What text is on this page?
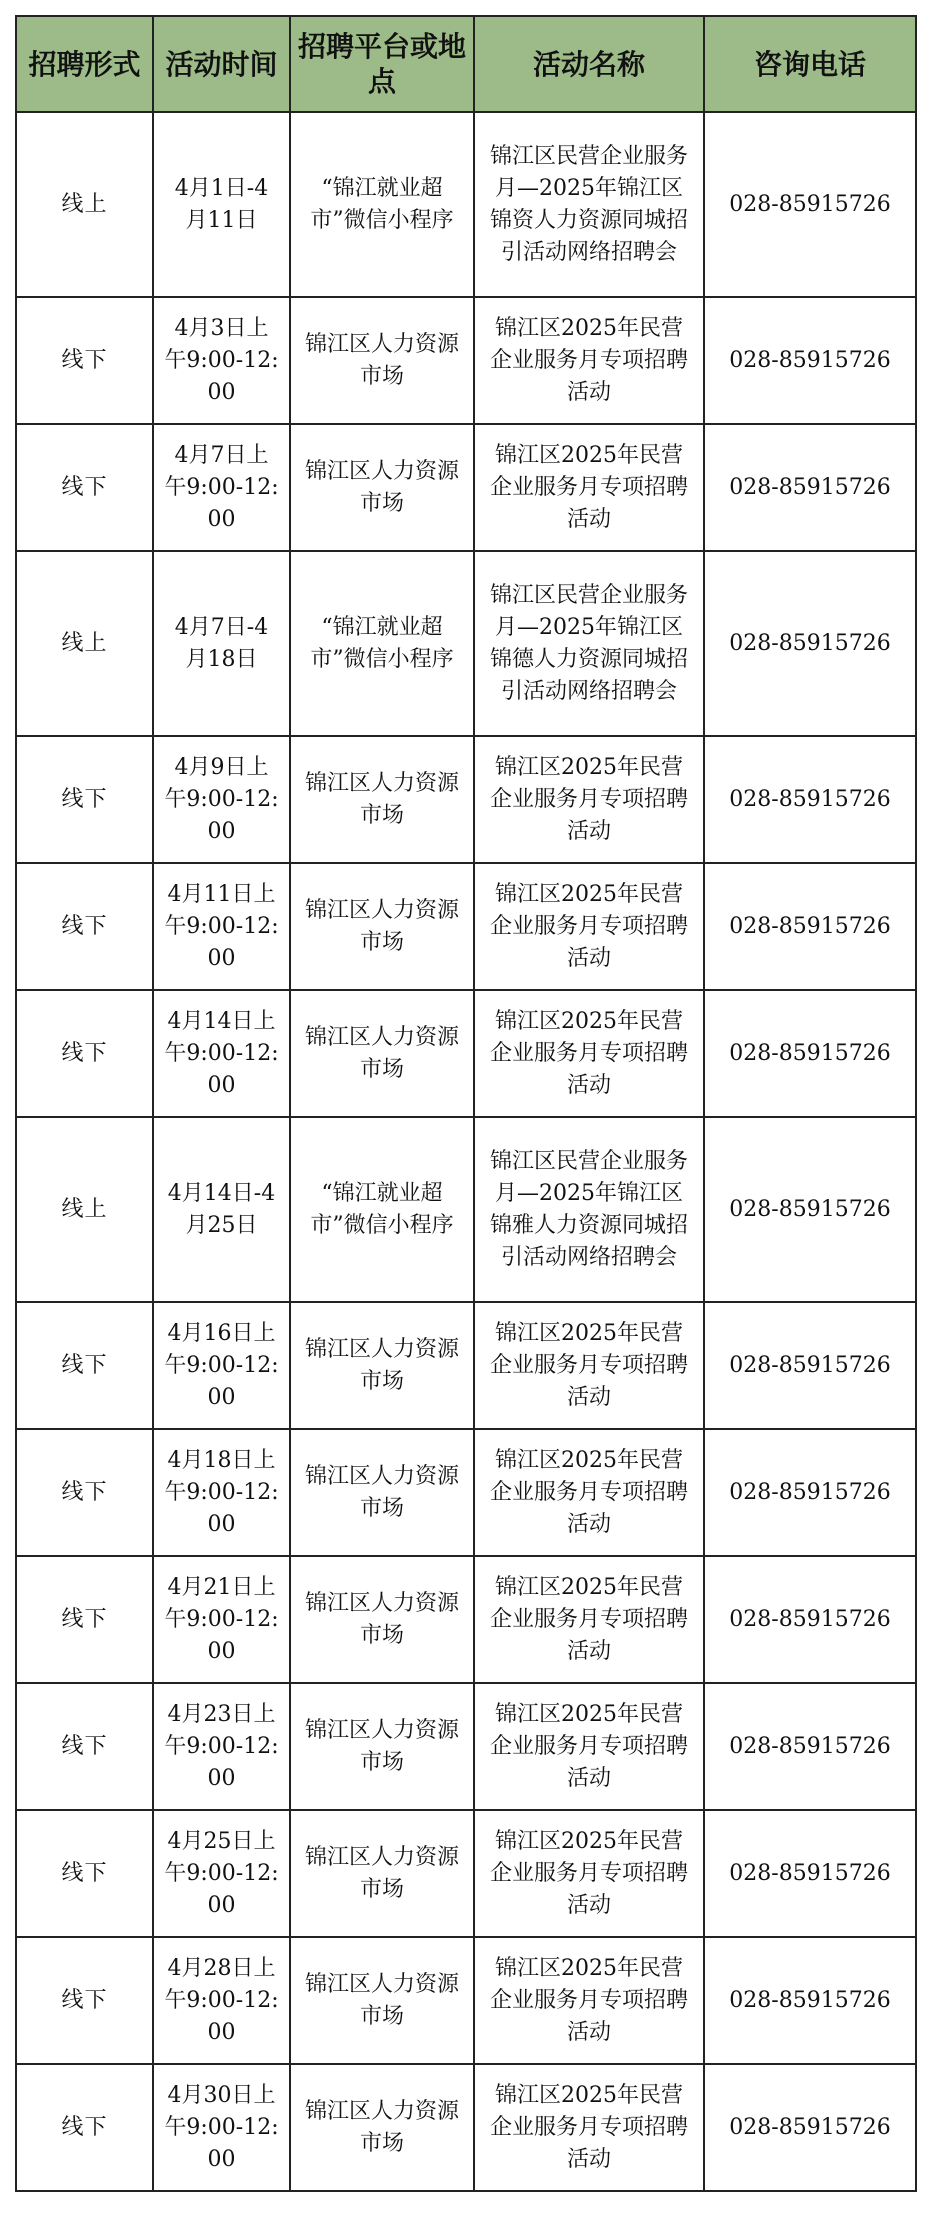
招聘形式	活动时间	招聘平台或地点	活动名称	咨询电话
线上	4月1日-4月11日	“锦江就业超市”微信小程序	锦江区民营企业服务月—2025年锦江区锦资人力资源同城招引活动网络招聘会	028-85915726
线下	4月3日上午9:00-12:00	锦江区人力资源市场	锦江区2025年民营企业服务月专项招聘活动	028-85915726
线下	4月7日上午9:00-12:00	锦江区人力资源市场	锦江区2025年民营企业服务月专项招聘活动	028-85915726
线上	4月7日-4月18日	“锦江就业超市”微信小程序	锦江区民营企业服务月—2025年锦江区锦德人力资源同城招引活动网络招聘会	028-85915726
线下	4月9日上午9:00-12:00	锦江区人力资源市场	锦江区2025年民营企业服务月专项招聘活动	028-85915726
线下	4月11日上午9:00-12:00	锦江区人力资源市场	锦江区2025年民营企业服务月专项招聘活动	028-85915726
线下	4月14日上午9:00-12:00	锦江区人力资源市场	锦江区2025年民营企业服务月专项招聘活动	028-85915726
线上	4月14日-4月25日	“锦江就业超市”微信小程序	锦江区民营企业服务月—2025年锦江区锦雅人力资源同城招引活动网络招聘会	028-85915726
线下	4月16日上午9:00-12:00	锦江区人力资源市场	锦江区2025年民营企业服务月专项招聘活动	028-85915726
线下	4月18日上午9:00-12:00	锦江区人力资源市场	锦江区2025年民营企业服务月专项招聘活动	028-85915726
线下	4月21日上午9:00-12:00	锦江区人力资源市场	锦江区2025年民营企业服务月专项招聘活动	028-85915726
线下	4月23日上午9:00-12:00	锦江区人力资源市场	锦江区2025年民营企业服务月专项招聘活动	028-85915726
线下	4月25日上午9:00-12:00	锦江区人力资源市场	锦江区2025年民营企业服务月专项招聘活动	028-85915726
线下	4月28日上午9:00-12:00	锦江区人力资源市场	锦江区2025年民营企业服务月专项招聘活动	028-85915726
线下	4月30日上午9:00-12:00	锦江区人力资源市场	锦江区2025年民营企业服务月专项招聘活动	028-85915726
